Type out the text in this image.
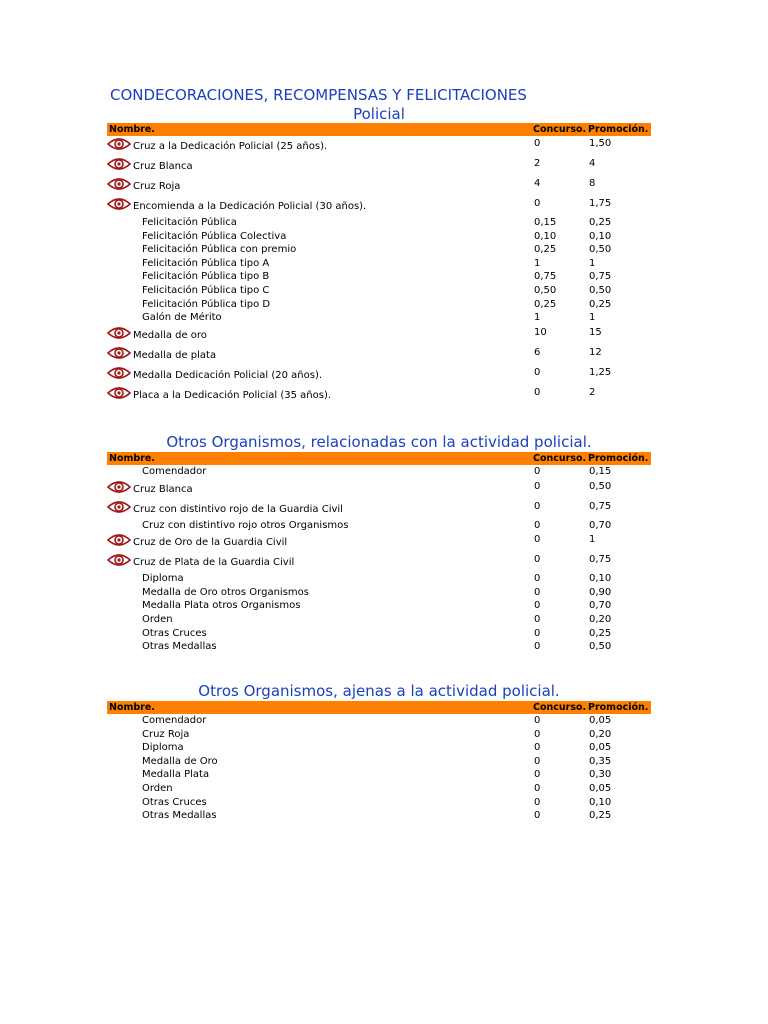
CONDECORACIONES, RECOMPENSAS Y FELICITACIONES
Policial
Nombre.	Concurso. Promoción.
Cruz a la Dedicación Policial (25 años).	0	1,50
Cruz Blanca	2	4
Cruz Roja	4	8
Encomienda a la Dedicación Policial (30 años).	0	1,75
Felicitación Pública	0,15	0,25
Felicitación Pública Colectiva	0,10	0,10
Felicitación Pública con premio	0,25	0,50
Felicitación Pública tipo A	1	1
Felicitación Pública tipo B	0,75	0,75
Felicitación Pública tipo C	0,50	0,50
Felicitación Pública tipo D	0,25	0,25
Galón de Mérito	1	1
Medalla de oro	10	15
Medalla de plata	6	12
Medalla Dedicación Policial (20 años).	0	1,25
Placa a la Dedicación Policial (35 años).	0	2
Otros Organismos, relacionadas con la actividad policial.
Nombre.	Concurso. Promoción.
Comendador	0	0,15
Cruz Blanca	0	0,50
Cruz con distintivo rojo de la Guardia Civil	0	0,75
Cruz con distintivo rojo otros Organismos	0	0,70
Cruz de Oro de la Guardia Civil	0	1
Cruz de Plata de la Guardia Civil	0	0,75
Diploma	0	0,10
Medalla de Oro otros Organismos	0	0,90
Medalla Plata otros Organismos	0	0,70
Orden	0	0,20
Otras Cruces	0	0,25
Otras Medallas	0	0,50
Otros Organismos, ajenas a la actividad policial.
Nombre.	Concurso. Promoción.
Comendador	0	0,05
Cruz Roja	0	0,20
Diploma	0	0,05
Medalla de Oro	0	0,35
Medalla Plata	0	0,30
Orden	0	0,05
Otras Cruces	0	0,10
Otras Medallas	0	0,25
